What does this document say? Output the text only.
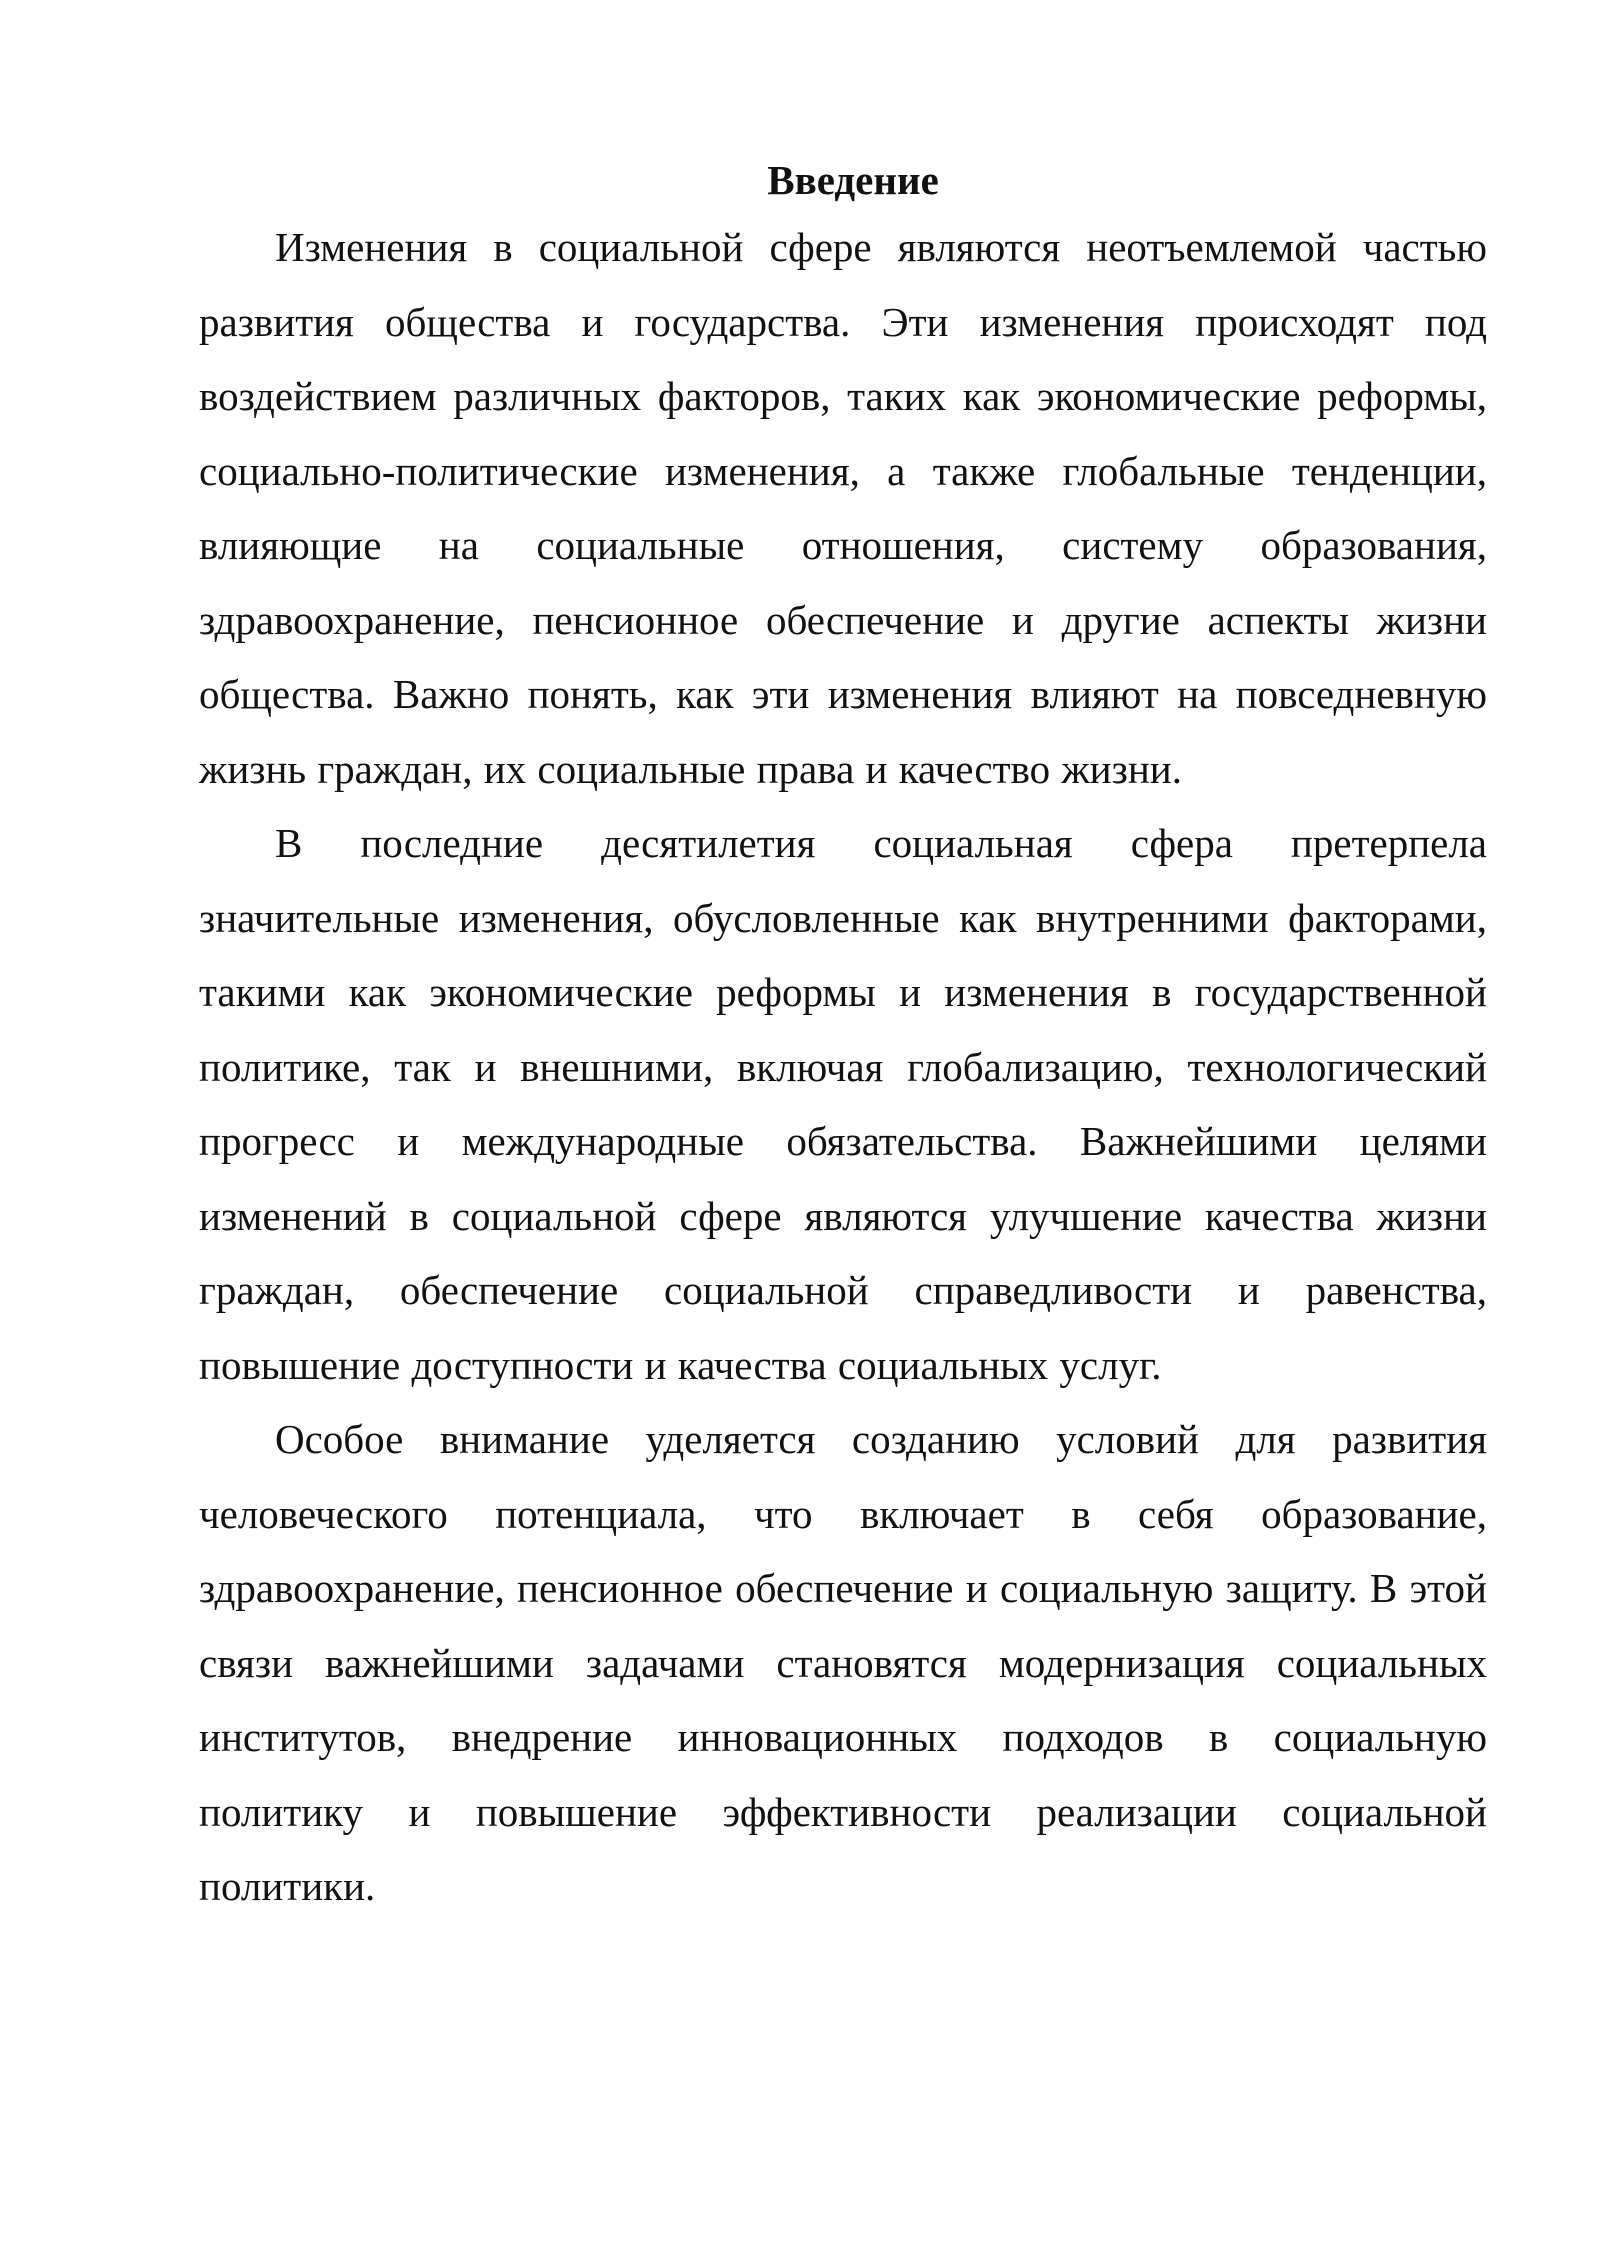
Введение

Изменения в социальной сфере являются неотъемлемой частью развития общества и государства. Эти изменения происходят под воздействием различных факторов, таких как экономические реформы, социально-политические изменения, а также глобальные тенденции, влияющие на социальные отношения, систему образования, здравоохранение, пенсионное обеспечение и другие аспекты жизни общества. Важно понять, как эти изменения влияют на повседневную жизнь граждан, их социальные права и качество жизни.

В последние десятилетия социальная сфера претерпела значительные изменения, обусловленные как внутренними факторами, такими как экономические реформы и изменения в государственной политике, так и внешними, включая глобализацию, технологический прогресс и международные обязательства. Важнейшими целями изменений в социальной сфере являются улучшение качества жизни граждан, обеспечение социальной справедливости и равенства, повышение доступности и качества социальных услуг.

Особое внимание уделяется созданию условий для развития человеческого потенциала, что включает в себя образование, здравоохранение, пенсионное обеспечение и социальную защиту. В этой связи важнейшими задачами становятся модернизация социальных институтов, внедрение инновационных подходов в социальную политику и повышение эффективности реализации социальной политики.
